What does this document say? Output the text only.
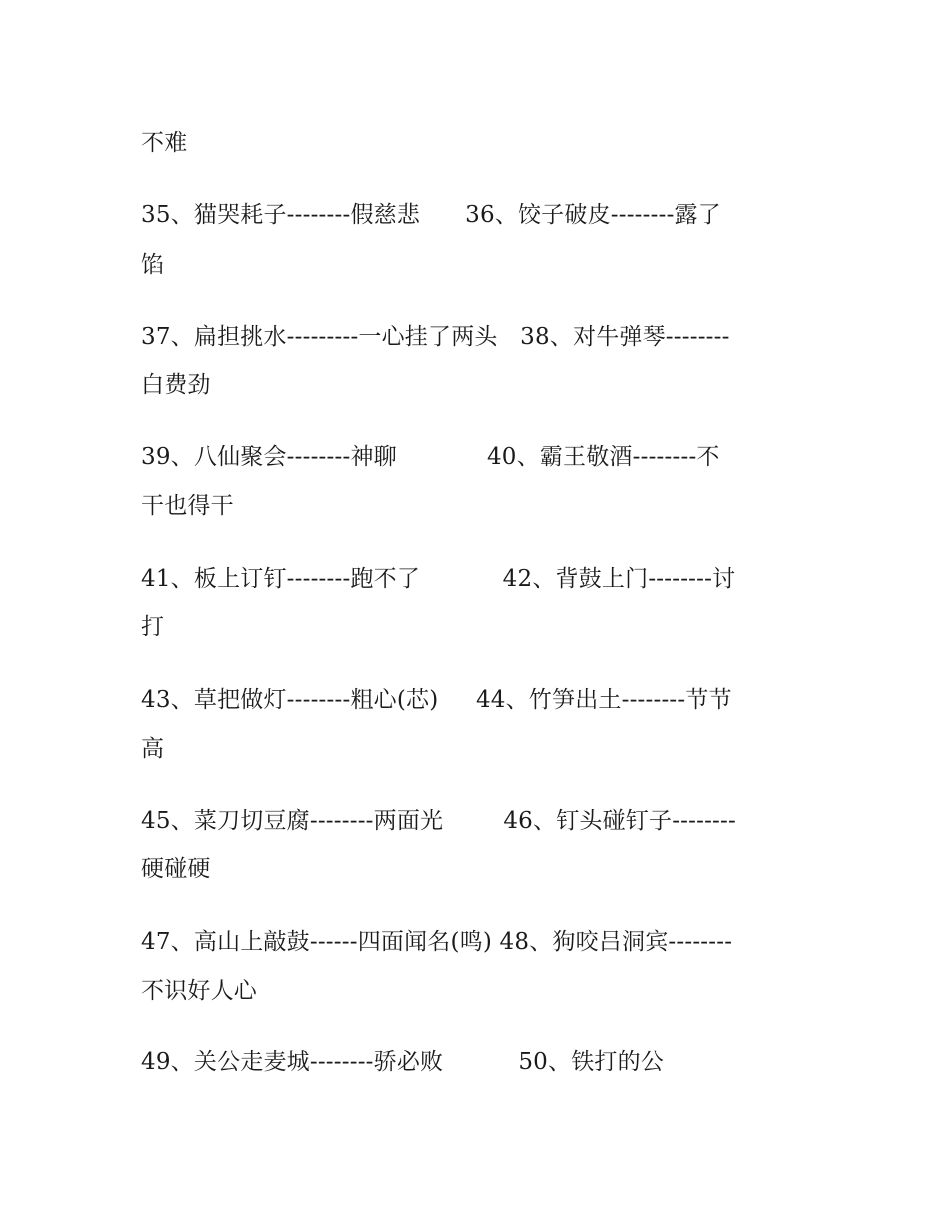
不难
35、猫哭耗子--------假慈悲      36、饺子破皮--------露了
馅
37、扁担挑水---------一心挂了两头   38、对牛弹琴--------
白费劲
39、八仙聚会--------神聊            40、霸王敬酒--------不
干也得干
41、板上订钉--------跑不了           42、背鼓上门--------讨
打
43、草把做灯--------粗心(芯)     44、竹笋出土--------节节
高
45、菜刀切豆腐--------两面光        46、钉头碰钉子--------
硬碰硬
47、高山上敲鼓------四面闻名(鸣) 48、狗咬吕洞宾--------
不识好人心
49、关公走麦城--------骄必败          50、铁打的公
